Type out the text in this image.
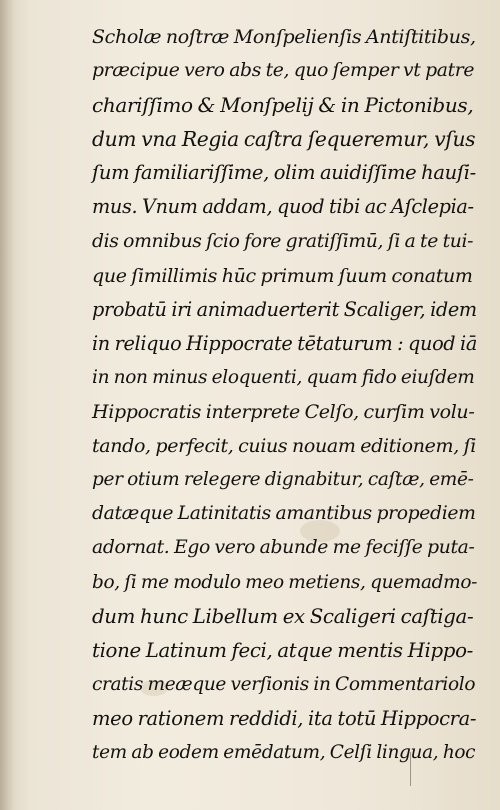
Scholæ noſtræ Monſpelienſis Antiſtitibus,
præcipue vero abs te, quo ſemper vt patre
chariſſimo & Monſpelij & in Pictonibus,
dum vna Regia caſtra ſequeremur, vſus
ſum familiariſſime, olim auidiſſime hauſi-
mus. Vnum addam, quod tibi ac Aſclepia-
dis omnibus ſcio fore gratiſſimū, ſi a te tui-
que ſimillimis hūc primum ſuum conatum
probatū iri animaduerterit Scaliger, idem
in reliquo Hippocrate tētaturum : quod iā
in non minus eloquenti, quam fido eiuſdem
Hippocratis interprete Celſo, curſim volu-
tando, perfecit, cuius nouam editionem, ſi
per otium relegere dignabitur, caſtæ, emē-
datæque Latinitatis amantibus propediem
adornat. Ego vero abunde me feciſſe puta-
bo, ſi me modulo meo metiens, quemadmo-
dum hunc Libellum ex Scaligeri caſtiga-
tione Latinum feci, atque mentis Hippo-
cratis meæque verſionis in Commentariolo
meo rationem reddidi, ita totū Hippocra-
tem ab eodem emēdatum, Celſi lingua, hoc
